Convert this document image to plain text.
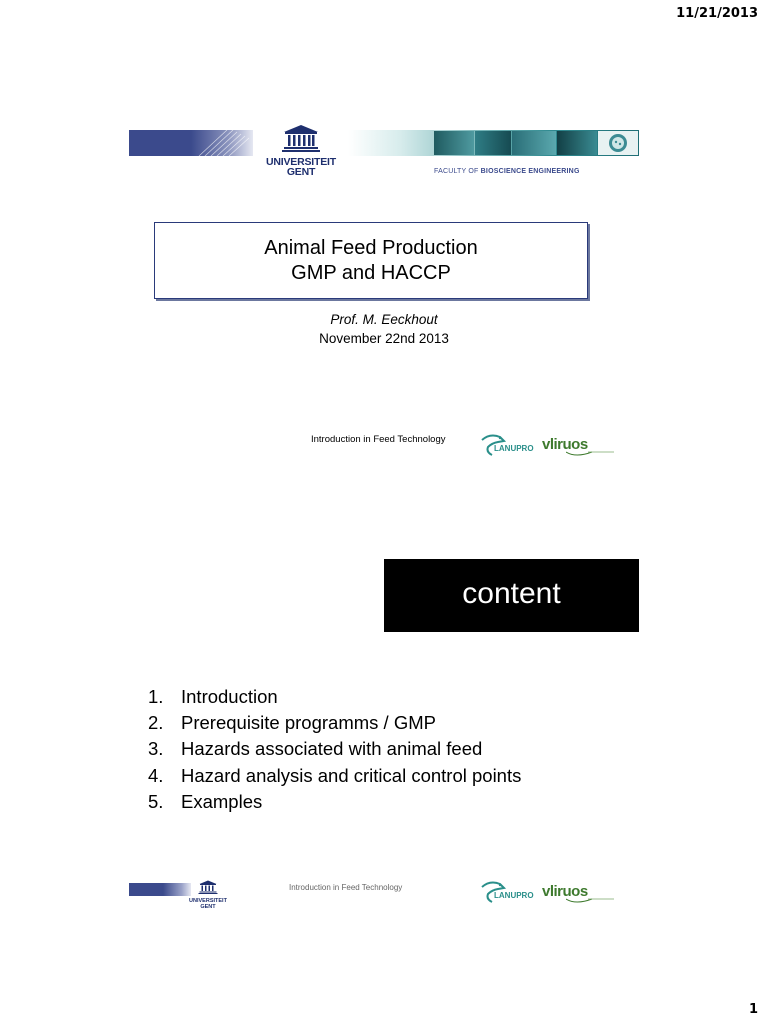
11/21/2013
UNIVERSITEIT
GENT	FACULTY OF BIOSCIENCE ENGINEERING
Animal Feed Production
GMP and HACCP
Prof. M. Eeckhout
November 22nd 2013
Introduction in Feed Technology
LANUPRO vliruos
content
1. Introduction
2. Prerequisite programms / GMP
3. Hazards associated with animal feed
4. Hazard analysis and critical control points
5. Examples
UNIVERSITEIT
GENT
Introduction in Feed Technology
LANUPRO vliruos
1
